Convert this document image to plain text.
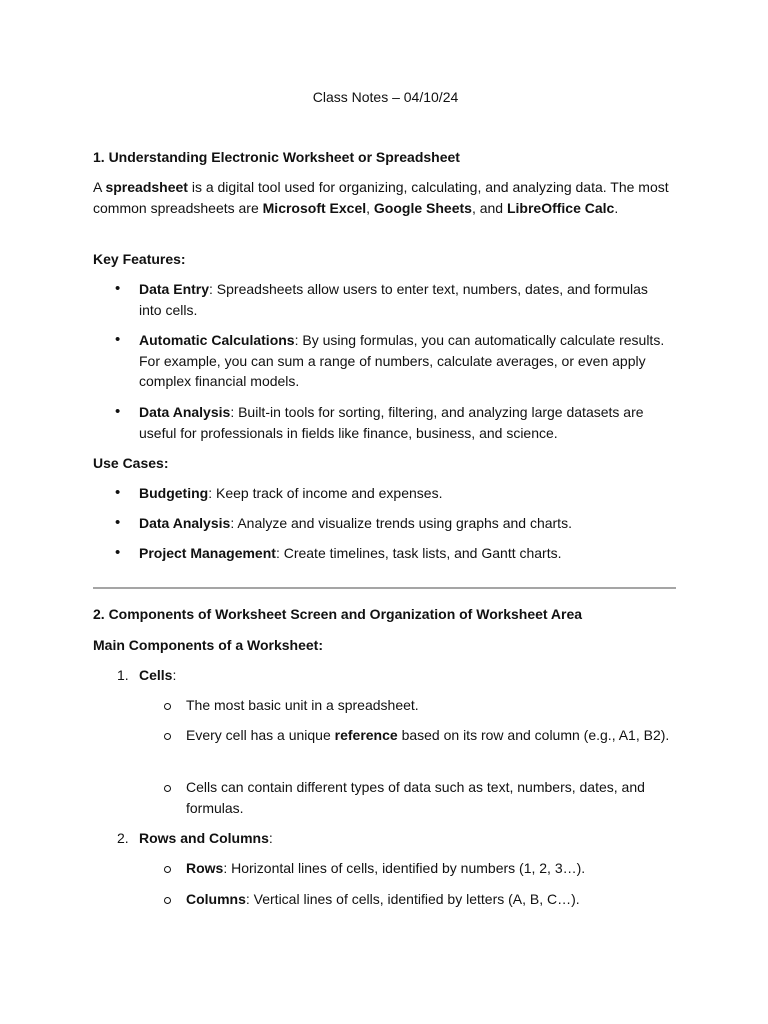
Class Notes – 04/10/24
1. Understanding Electronic Worksheet or Spreadsheet
A spreadsheet is a digital tool used for organizing, calculating, and analyzing data. The most common spreadsheets are Microsoft Excel, Google Sheets, and LibreOffice Calc.
Key Features:
• Data Entry: Spreadsheets allow users to enter text, numbers, dates, and formulas into cells.
• Automatic Calculations: By using formulas, you can automatically calculate results. For example, you can sum a range of numbers, calculate averages, or even apply complex financial models.
• Data Analysis: Built-in tools for sorting, filtering, and analyzing large datasets are useful for professionals in fields like finance, business, and science.
Use Cases:
• Budgeting: Keep track of income and expenses.
• Data Analysis: Analyze and visualize trends using graphs and charts.
• Project Management: Create timelines, task lists, and Gantt charts.
2. Components of Worksheet Screen and Organization of Worksheet Area
Main Components of a Worksheet:
1. Cells:
The most basic unit in a spreadsheet.
Every cell has a unique reference based on its row and column (e.g., A1, B2).
Cells can contain different types of data such as text, numbers, dates, and formulas.
2. Rows and Columns:
Rows: Horizontal lines of cells, identified by numbers (1, 2, 3…).
Columns: Vertical lines of cells, identified by letters (A, B, C…).
